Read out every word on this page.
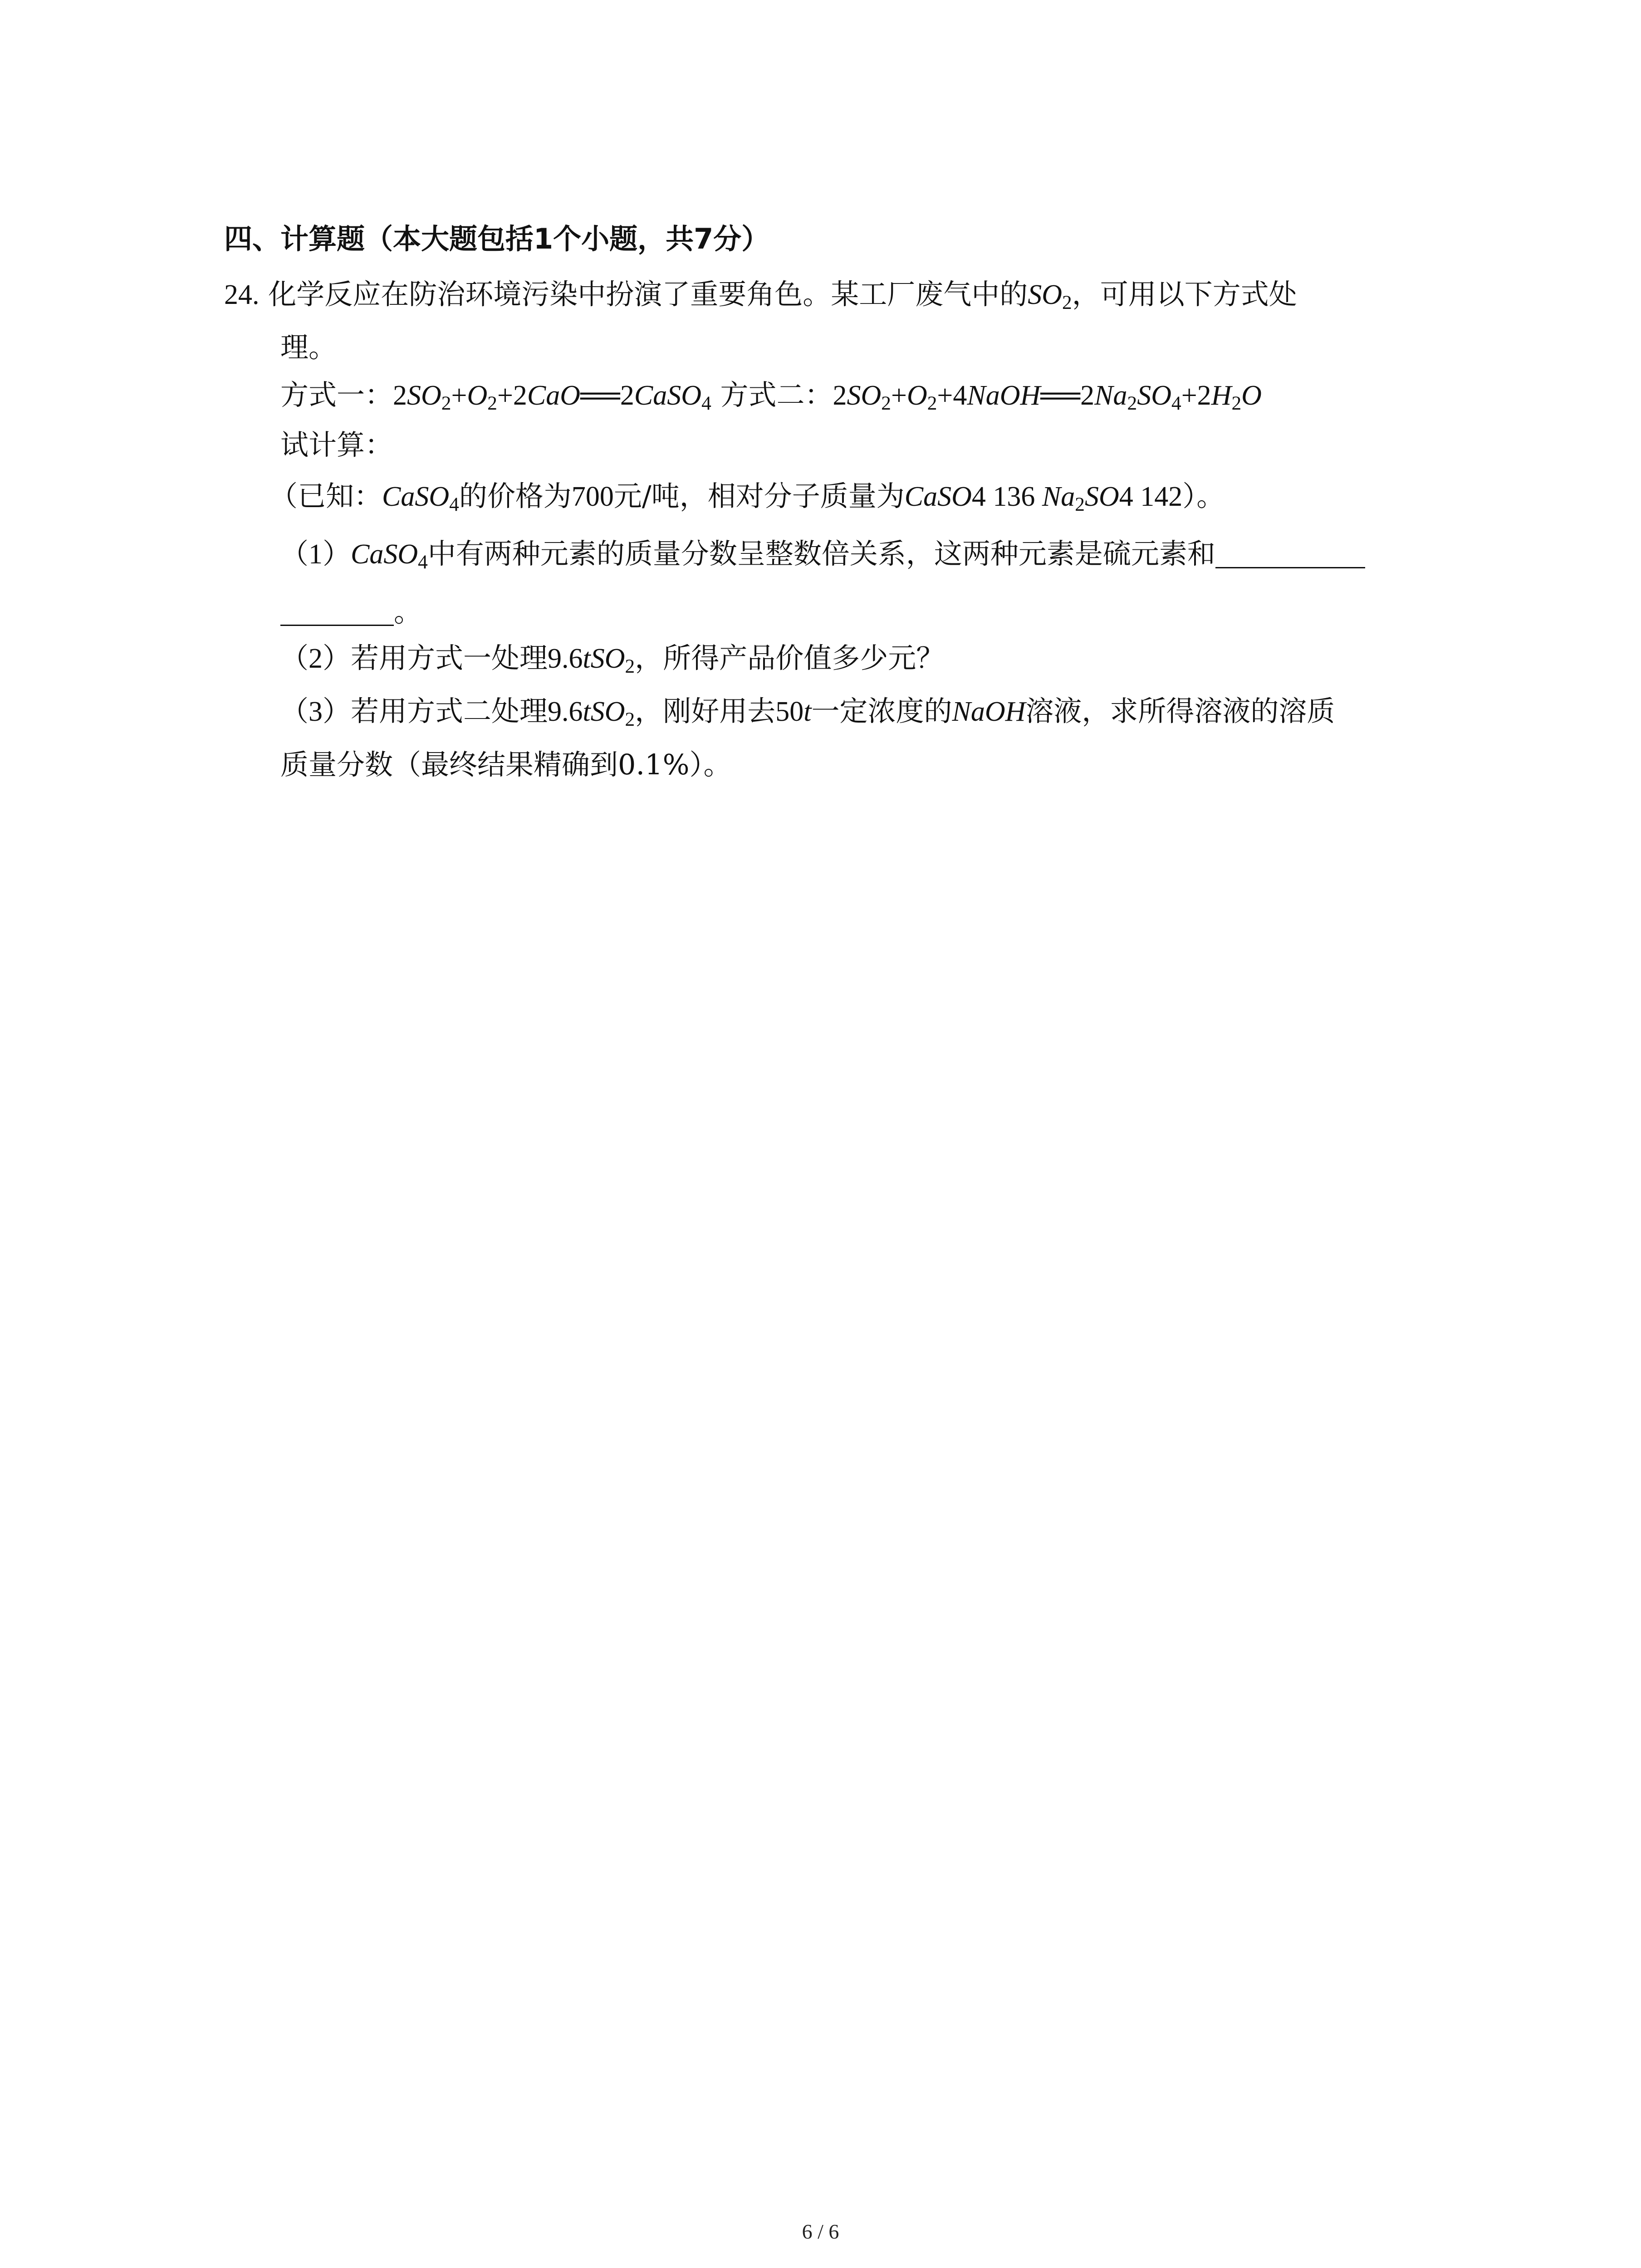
四、计算题（本大题包括1个小题，共7分）
24. 化学反应在防治环境污染中扮演了重要角色。某工厂废气中的$SO_2$，可用以下方式处
理。
方式一：$2SO_2+O_2+2CaO══2CaSO_4$ 方式二：$2SO_2+O_2+4NaOH══2Na_2SO_4+2H_2O$
试计算：
（已知：CaSO$_4$的价格为700元/吨，相对分子质量为CaSO4 136 $Na_2SO4$ 142）。
（1）CaSO$_4$中有两种元素的质量分数呈整数倍关系，这两种元素是硫元素和
。
（2）若用方式一处理9.6tSO$_2$，所得产品价值多少元？
（3）若用方式二处理9.6tSO$_2$，刚好用去50t一定浓度的NaOH溶液，求所得溶液的溶质
质量分数（最终结果精确到0.1%）。
6 / 6
